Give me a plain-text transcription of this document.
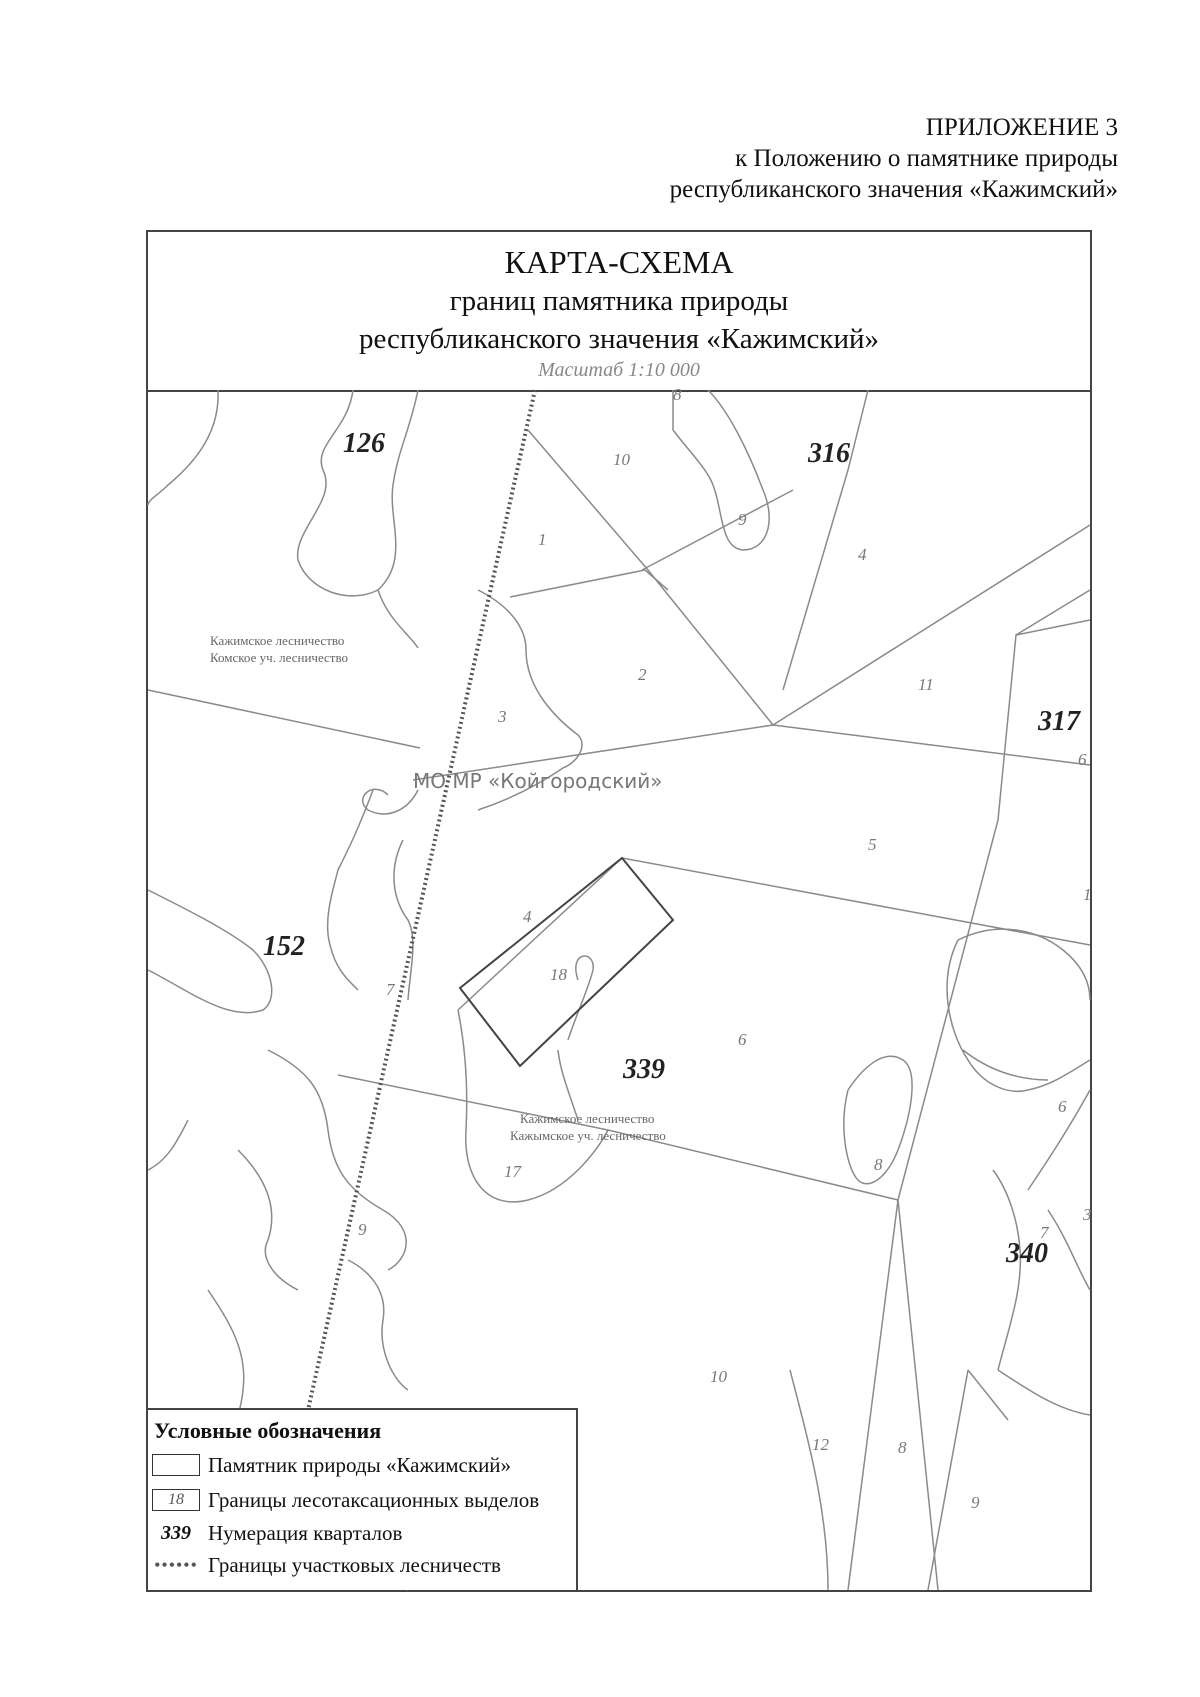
ПРИЛОЖЕНИЕ 3
к Положению о памятнике природы
республиканского значения «Кажимский»
КАРТА-СХЕМА
границ памятника природы
республиканского значения «Кажимский»
Масштаб 1:10 000
126	316
317
152
339
340
8
10
9
1
4
2
11
3
6
5
1
4
18
7
6
6
8
17
9	7
3
10
12	8
9
Кажимское лесничество
Комское уч. лесничество
Кажимское лесничество
Кажымское уч. лесничество
МО МР «Койгородский»
Условные обозначения
Памятник природы «Кажимский»
18	Границы лесотаксационных выделов
339 Нумерация кварталов
•••••• Границы участковых лесничеств
